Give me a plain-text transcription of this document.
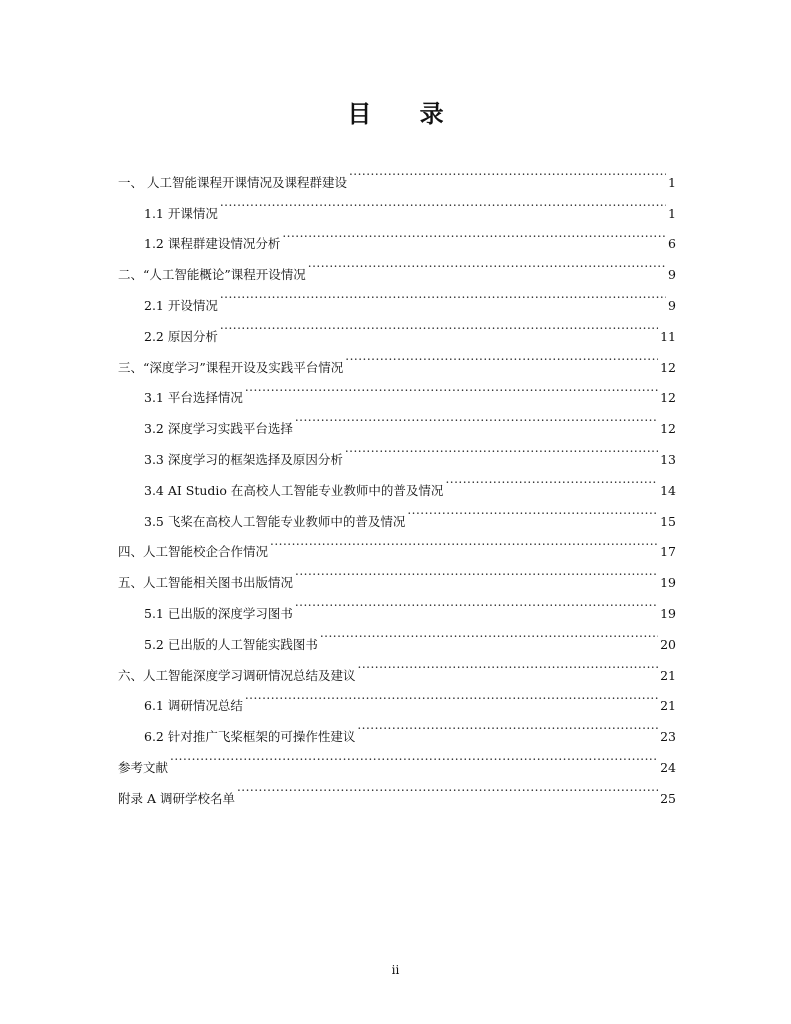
目 录
一、 人工智能课程开课情况及课程群建设 .....	1
1.1 开课情况 .....	1
1.2 课程群建设情况分析 .....	6
二、“人工智能概论”课程开设情况 .....	9
2.1 开设情况 .....	9
2.2 原因分析 .....	11
三、“深度学习”课程开设及实践平台情况 .....	12
3.1 平台选择情况 .....	12
3.2 深度学习实践平台选择 .....	12
3.3 深度学习的框架选择及原因分析 .....	13
3.4 AI Studio 在高校人工智能专业教师中的普及情况 .....	14
3.5 飞桨在高校人工智能专业教师中的普及情况 .....	15
四、人工智能校企合作情况 .....	17
五、人工智能相关图书出版情况 .....	19
5.1 已出版的深度学习图书 .....	19
5.2 已出版的人工智能实践图书 .....	20
六、人工智能深度学习调研情况总结及建议 .....	21
6.1 调研情况总结 .....	21
6.2 针对推广飞桨框架的可操作性建议 .....	23
参考文献 .....	24
附录 A 调研学校名单 .....	25
ii
